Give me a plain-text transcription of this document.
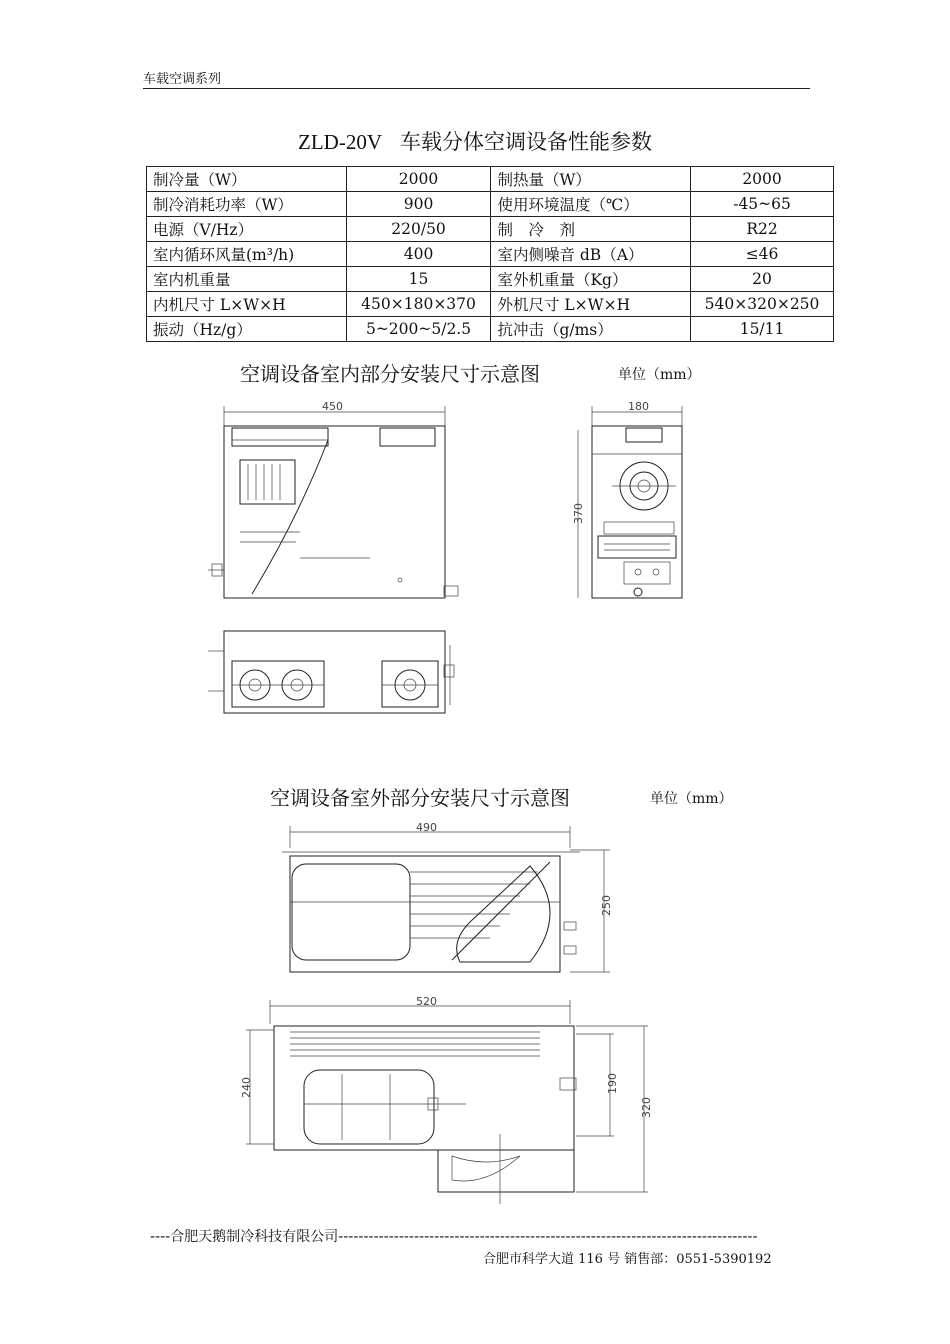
车载空调系列
ZLD-20V 车载分体空调设备性能参数
制冷量（W）	2000	制热量（W）	2000
制冷消耗功率（W）	900	使用环境温度（℃）	-45~65
电源（V/Hz）	220/50	制　冷　剂	R22
室内循环风量(m³/h)	400	室内侧噪音 dB（A）	≤46
室内机重量	15	室外机重量（Kg）	20
内机尺寸 L×W×H	450×180×370	外机尺寸 L×W×H	540×320×250
振动（Hz/g）	5~200~5/2.5	抗冲击（g/ms）	15/11
空调设备室内部分安装尺寸示意图	单位（mm）
450	180
370
空调设备室外部分安装尺寸示意图	单位（mm）
490
250
520
240	190
320
----合肥天鹅制冷科技有限公司-----------------------------------------------------------------------------------
合肥市科学大道 116 号 销售部：0551-5390192
